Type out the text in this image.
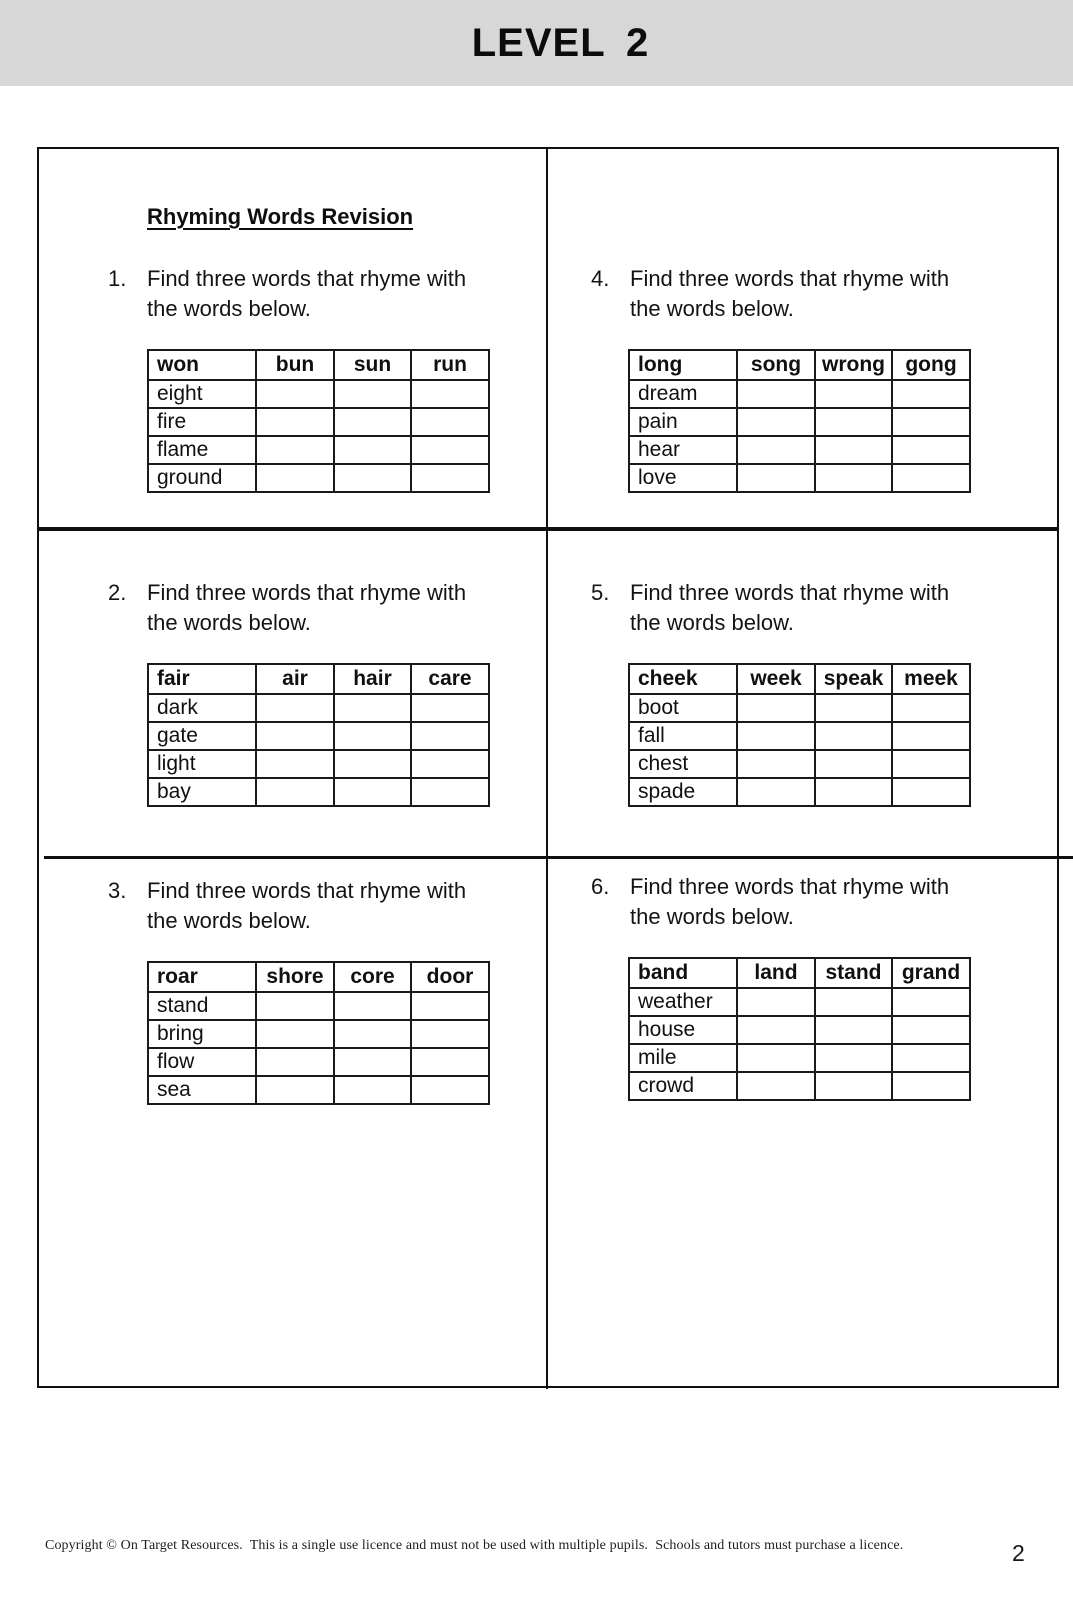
LEVEL 2
Rhyming Words Revision
1. Find three words that rhyme with
the words below.
won	bun	sun	run
eight			
fire			
flame			
ground			
4. Find three words that rhyme with
the words below.
long	song	wrong	gong
dream			
pain			
hear			
love			
2. Find three words that rhyme with
the words below.
fair	air	hair	care
dark			
gate			
light			
bay			
5. Find three words that rhyme with
the words below.
cheek	week	speak	meek
boot			
fall			
chest			
spade			
3. Find three words that rhyme with
the words below.
roar	shore	core	door
stand			
bring			
flow			
sea			
6. Find three words that rhyme with
the words below.
band	land	stand	grand
weather			
house			
mile			
crowd			
Copyright © On Target Resources.  This is a single use licence and must not be used with multiple pupils.  Schools and tutors must purchase a licence.	2
